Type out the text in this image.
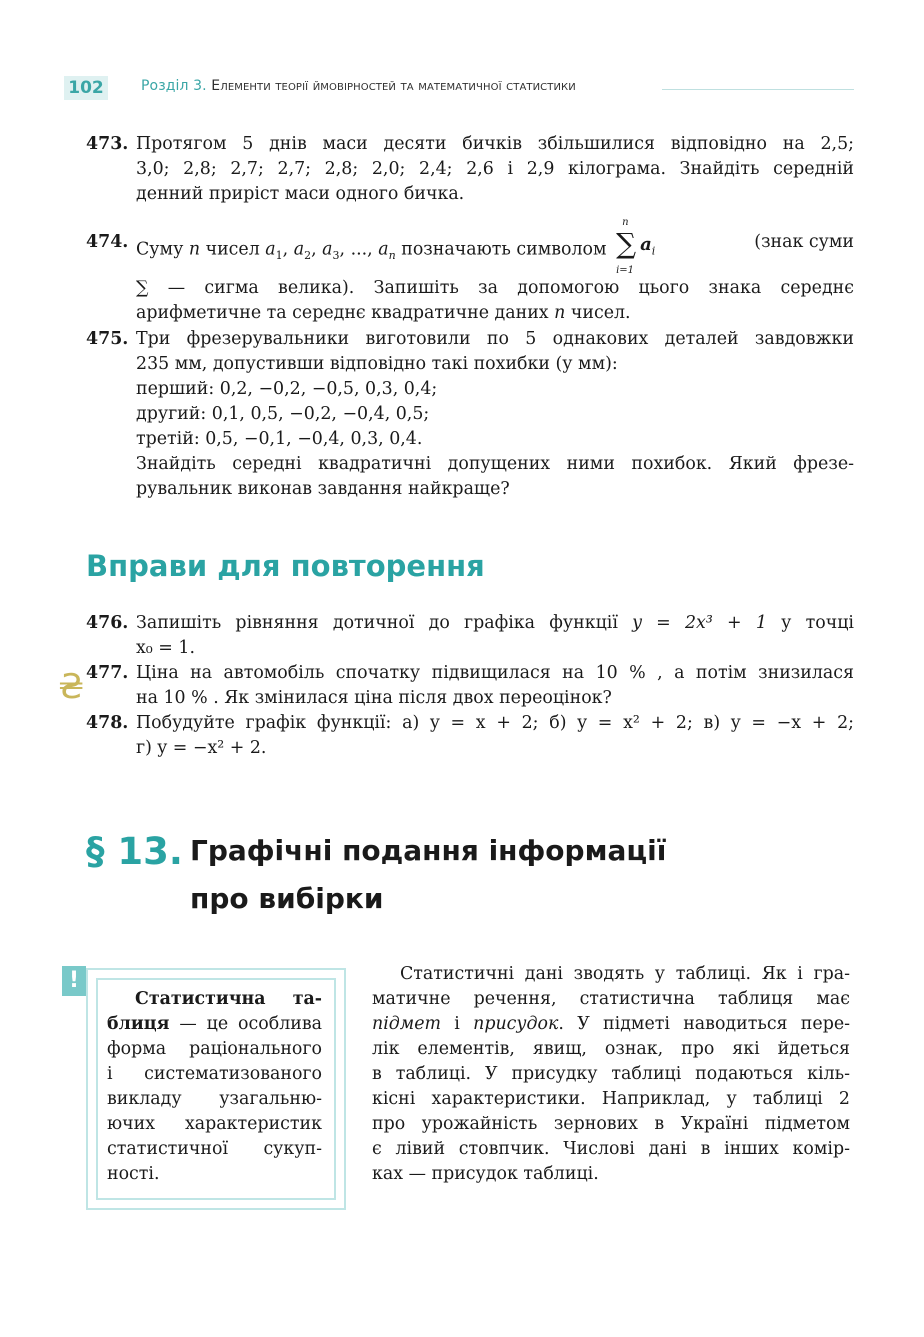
102	Розділ 3. Елементи теорії ймовірностей та математичної статистики
473. Протягом 5 днів маси десяти бичків збільшилися відповідно на 2,5;
3,0; 2,8; 2,7; 2,7; 2,8; 2,0; 2,4; 2,6 і 2,9 кілограма. Знайдіть середній
денний приріст маси одного бичка.
474. Суму n чисел $a_1$, $a_2$, $a_3$, ..., $a_n$ позначають символом ∑
n
i=1
$a_i$	(знак суми
∑ — сигма велика). Запишіть за допомогою цього знака середнє
арифметичне та середнє квадратичне даних n чисел.
475. Три фрезерувальники виготовили по 5 однакових деталей завдовжки
235 мм, допустивши відповідно такі похибки (у мм):
перший: 0,2, −0,2, −0,5, 0,3, 0,4;
другий: 0,1, 0,5, −0,2, −0,4, 0,5;
третій: 0,5, −0,1, −0,4, 0,3, 0,4.
Знайдіть середні квадратичні допущених ними похибок. Який фрезе-
рувальник виконав завдання найкраще?
Вправи для повторення
476. Запишіть рівняння дотичної до графіка функції y = 2x³ + 1 у точці
x₀ = 1.
₴ 477. Ціна на автомобіль спочатку підвищилася на 10 % , а потім знизилася
на 10 % . Як змінилася ціна після двох переоцінок?
478. Побудуйте графік функції: а) y = x + 2; б) y = x² + 2; в) y = −x + 2;
г) y = −x² + 2.
§ 13. Графічні подання інформації
про вибірки
!
Статистична та-
блиця — це особлива
форма раціонального
і систематизованого
викладу узагальню-
ючих характеристик
статистичної сукуп-
ності.
Статистичні дані зводять у таблиці. Як і гра-
матичне речення, статистична таблиця має
підмет і присудок. У підметі наводиться пере-
лік елементів, явищ, ознак, про які йдеться
в таблиці. У присудку таблиці подаються кіль-
кісні характеристики. Наприклад, у таблиці 2
про урожайність зернових в Україні підметом
є лівий стовпчик. Числові дані в інших комір-
ках — присудок таблиці.
